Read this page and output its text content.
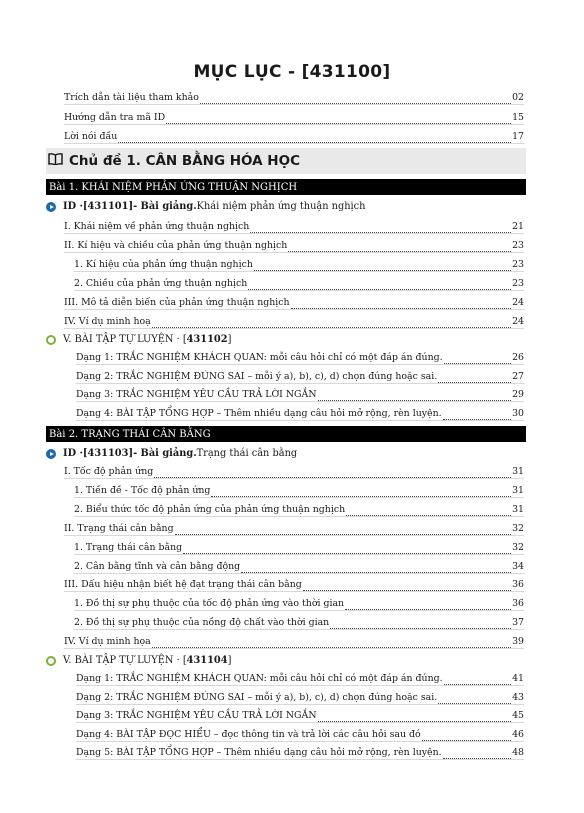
MỤC LỤC - [431100]
Trích dẫn tài liệu tham khảo	02
Hướng dẫn tra mã ID	15
Lời nói đầu	17
Chủ đề 1. CÂN BẰNG HÓA HỌC
Bài 1. KHÁI NIỆM PHẢN ỨNG THUẬN NGHỊCH
ID · [431101] - Bài giảng. Khái niệm phản ứng thuận nghịch
I. Khái niệm về phản ứng thuận nghịch	21
II. Kí hiệu và chiều của phản ứng thuận nghịch	23
1. Kí hiệu của phản ứng thuận nghịch	23
2. Chiều của phản ứng thuận nghịch	23
III. Mô tả diễn biến của phản ứng thuận nghịch	24
IV. Ví dụ minh hoạ	24
V. BÀI TẬP TỰ LUYỆN · [ 431102 ]
Dạng 1: TRẮC NGHIỆM KHÁCH QUAN: mỗi câu hỏi chỉ có một đáp án đúng.	26
Dạng 2: TRẮC NGHIỆM ĐÚNG SAI – mỗi ý a), b), c), d) chọn đúng hoặc sai.	27
Dạng 3: TRẮC NGHIỆM YÊU CẦU TRẢ LỜI NGẮN	29
Dạng 4: BÀI TẬP TỔNG HỢP – Thêm nhiều dạng câu hỏi mở rộng, rèn luyện.	30
Bài 2. TRẠNG THÁI CÂN BẰNG
ID · [431103] - Bài giảng. Trạng thái cân bằng
I. Tốc độ phản ứng	31
1. Tiền đề - Tốc độ phản ứng	31
2. Biểu thức tốc độ phản ứng của phản ứng thuận nghịch	31
II. Trạng thái cân bằng	32
1. Trạng thái cân bằng	32
2. Cân bằng tĩnh và cân bằng động	34
III. Dấu hiệu nhận biết hệ đạt trạng thái cân bằng	36
1. Đồ thị sự phụ thuộc của tốc độ phản ứng vào thời gian	36
2. Đồ thị sự phụ thuộc của nồng độ chất vào thời gian	37
IV. Ví dụ minh họa	39
V. BÀI TẬP TỰ LUYỆN · [ 431104 ]
Dạng 1: TRẮC NGHIỆM KHÁCH QUAN: mỗi câu hỏi chỉ có một đáp án đúng.	41
Dạng 2: TRẮC NGHIỆM ĐÚNG SAI – mỗi ý a), b), c), d) chọn đúng hoặc sai.	43
Dạng 3: TRẮC NGHIỆM YÊU CẦU TRẢ LỜI NGẮN	45
Dạng 4: BÀI TẬP ĐỌC HIỂU – đọc thông tin và trả lời các câu hỏi sau đó	46
Dạng 5: BÀI TẬP TỔNG HỢP – Thêm nhiều dạng câu hỏi mở rộng, rèn luyện.	48
